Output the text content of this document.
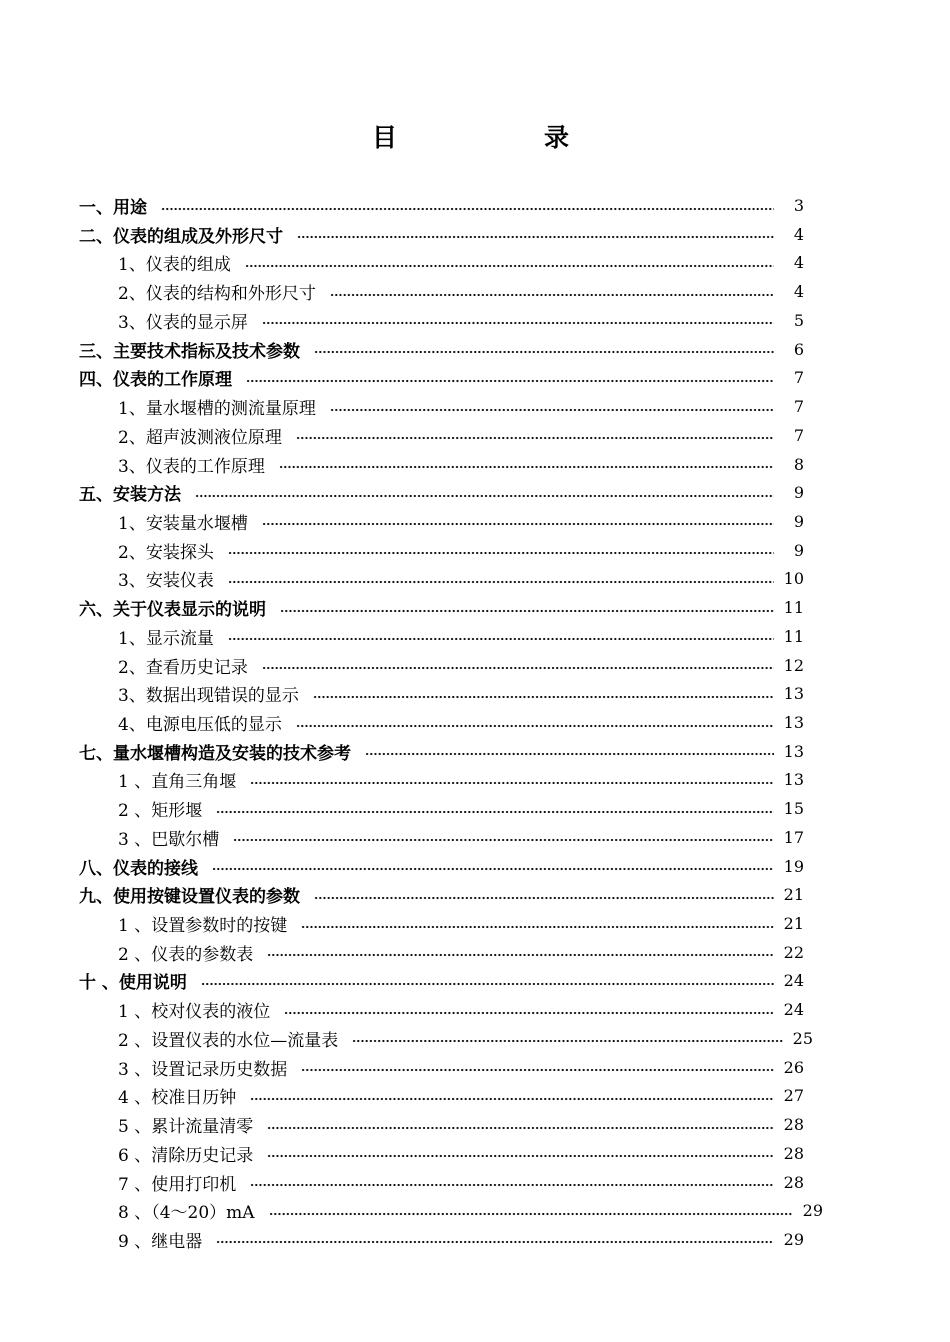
目	录
一、用途	3
二、仪表的组成及外形尺寸	4
1、仪表的组成	4
2、仪表的结构和外形尺寸	4
3、仪表的显示屏	5
三、主要技术指标及技术参数	6
四、仪表的工作原理	7
1、量水堰槽的测流量原理	7
2、超声波测液位原理	7
3、仪表的工作原理	8
五、安装方法	9
1、安装量水堰槽	9
2、安装探头	9
3、安装仪表	10
六、关于仪表显示的说明	11
1、显示流量	11
2、查看历史记录	12
3、数据出现错误的显示	13
4、电源电压低的显示	13
七、量水堰槽构造及安装的技术参考	13
1 、直角三角堰	13
2 、矩形堰	15
3 、巴歇尔槽	17
八、仪表的接线	19
九、使用按键设置仪表的参数	21
1 、设置参数时的按键	21
2 、仪表的参数表	22
十 、使用说明	24
1 、校对仪表的液位	24
2 、设置仪表的水位—流量表	25
3 、设置记录历史数据	26
4 、校准日历钟	27
5 、累计流量清零	28
6 、清除历史记录	28
7 、使用打印机	28
8 、（4～20）mA	29
9 、继电器	29
